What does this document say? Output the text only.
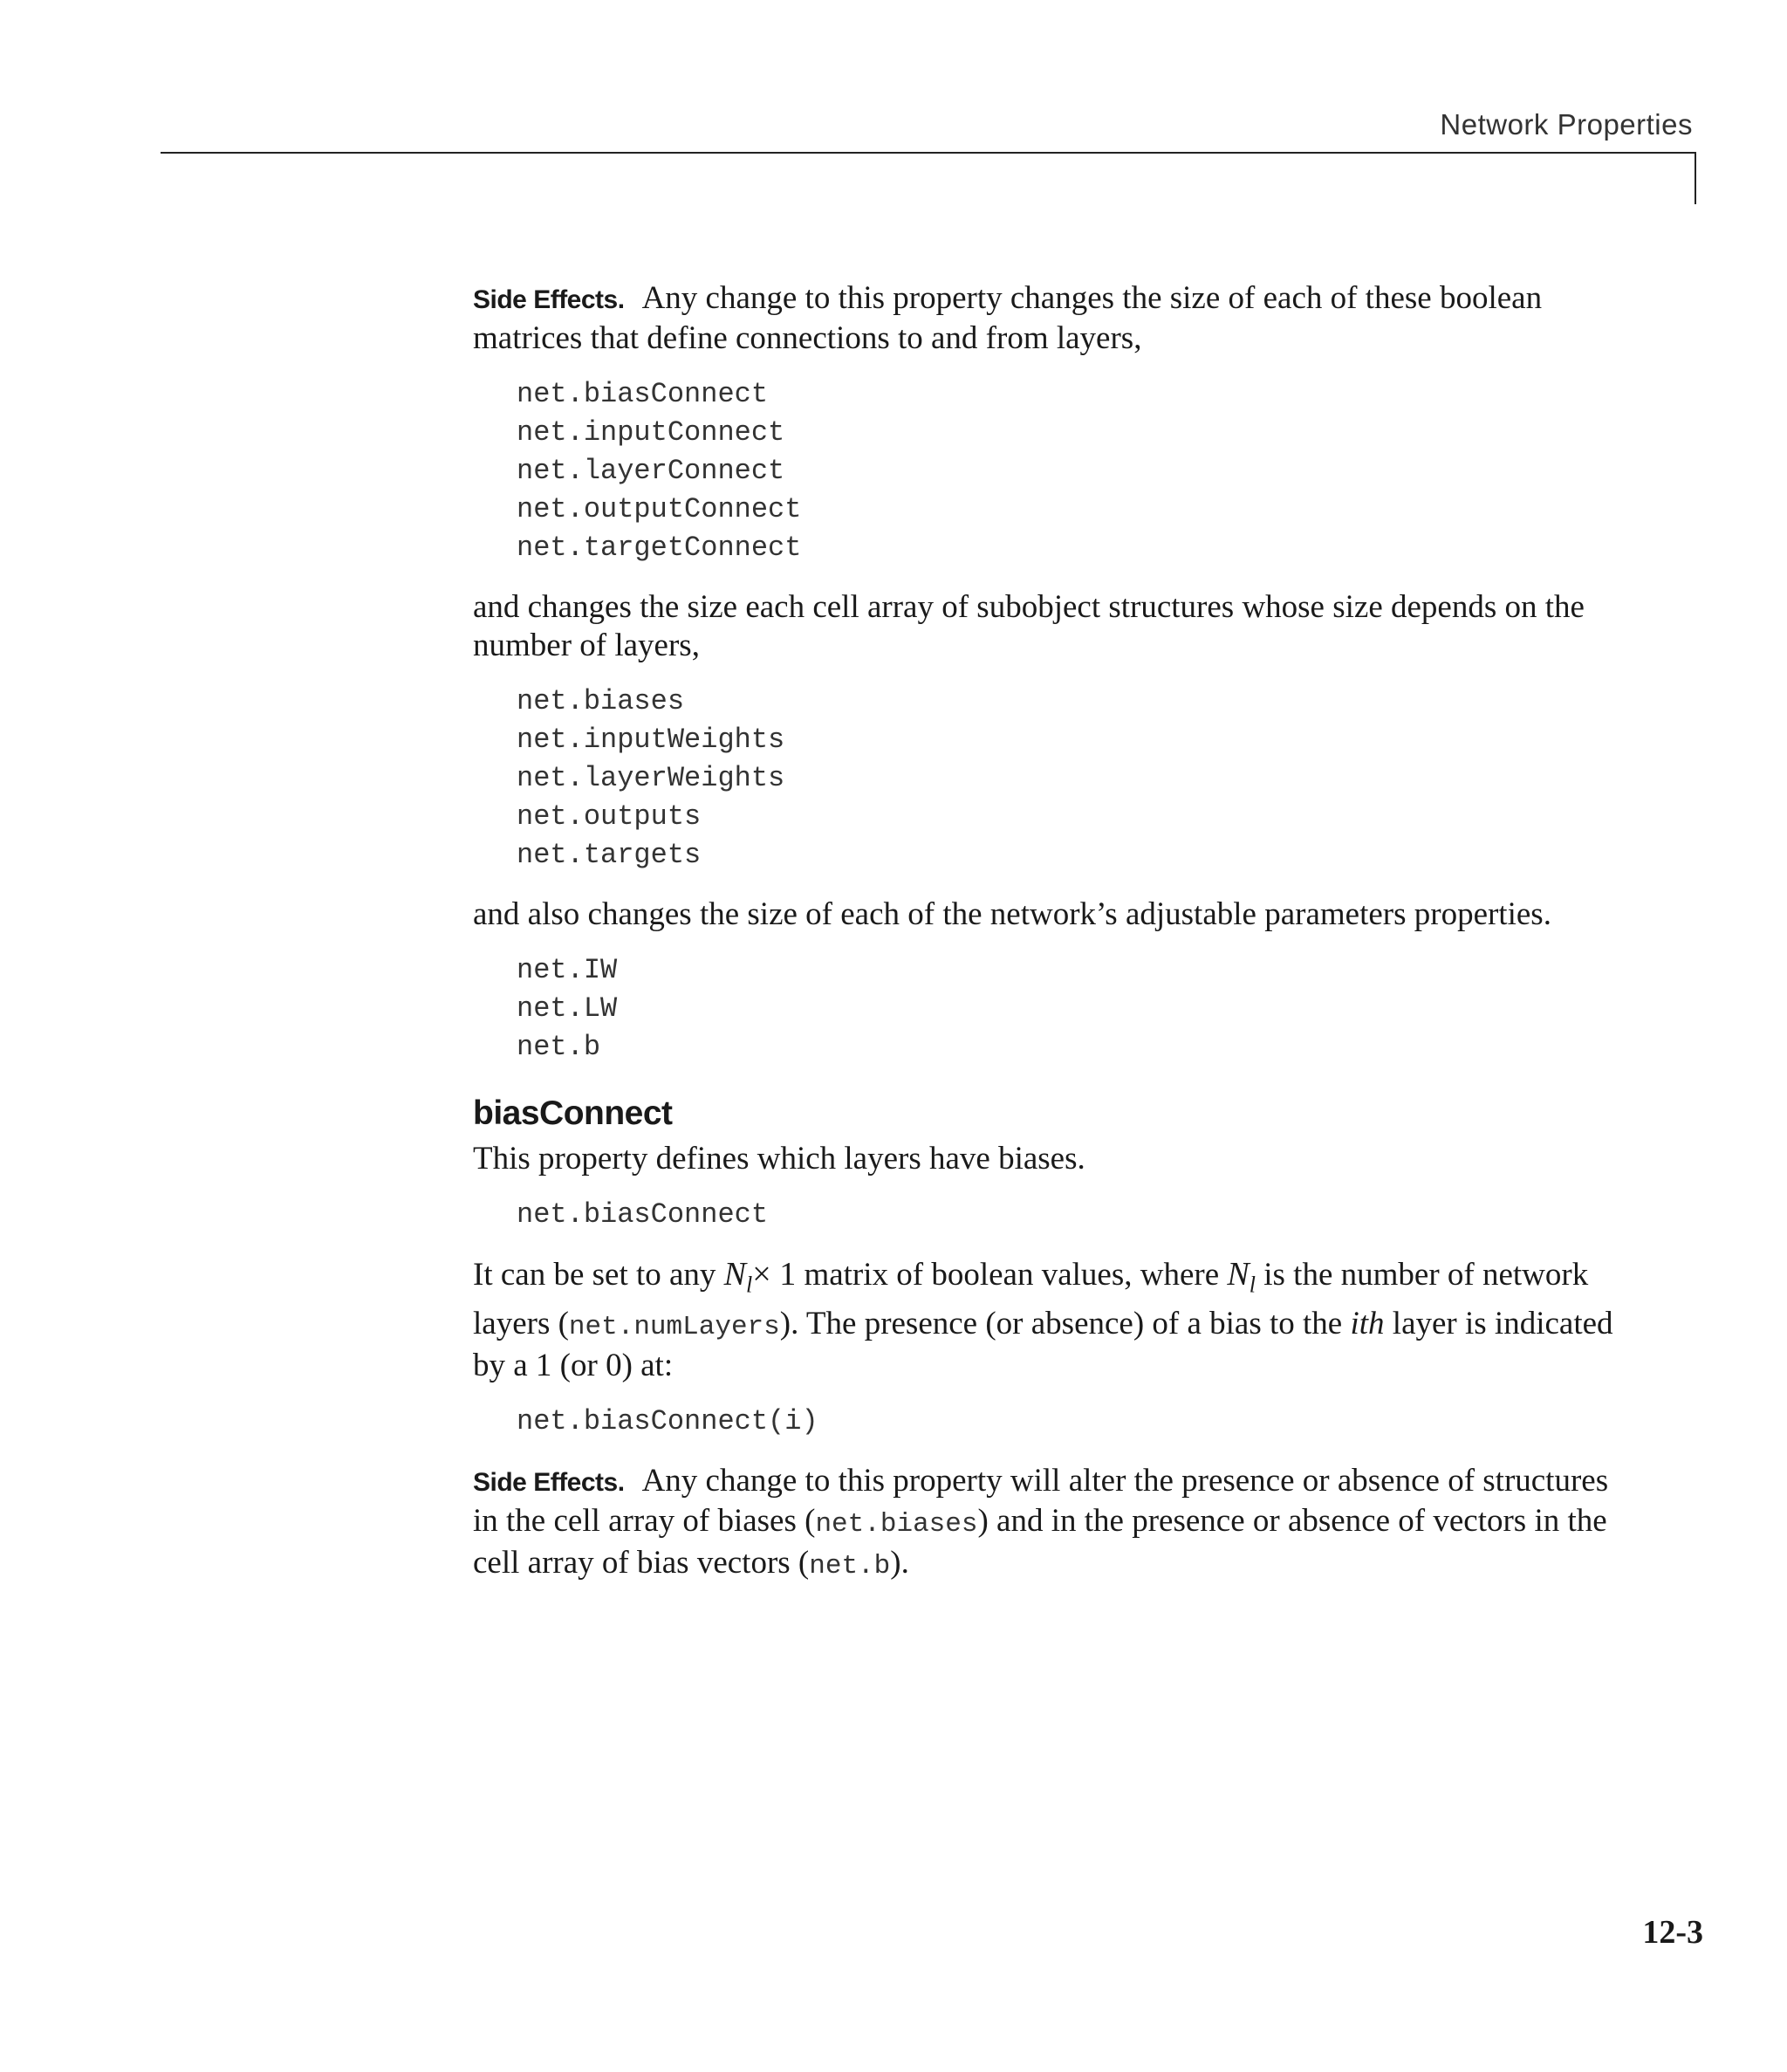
Network Properties

Side Effects. Any change to this property changes the size of each of these boolean matrices that define connections to and from layers,

net.biasConnect
net.inputConnect
net.layerConnect
net.outputConnect
net.targetConnect

and changes the size each cell array of subobject structures whose size depends on the number of layers,

net.biases
net.inputWeights
net.layerWeights
net.outputs
net.targets

and also changes the size of each of the network’s adjustable parameters properties.

net.IW
net.LW
net.b
biasConnect

This property defines which layers have biases.

net.biasConnect

It can be set to any $N_l\times 1$ matrix of boolean values, where $N_l$ is the number of network layers (net.numLayers). The presence (or absence) of a bias to the ith layer is indicated by a 1 (or 0) at:

net.biasConnect(i)

Side Effects. Any change to this property will alter the presence or absence of structures in the cell array of biases (net.biases) and in the presence or absence of vectors in the cell array of bias vectors (net.b).

12-3
